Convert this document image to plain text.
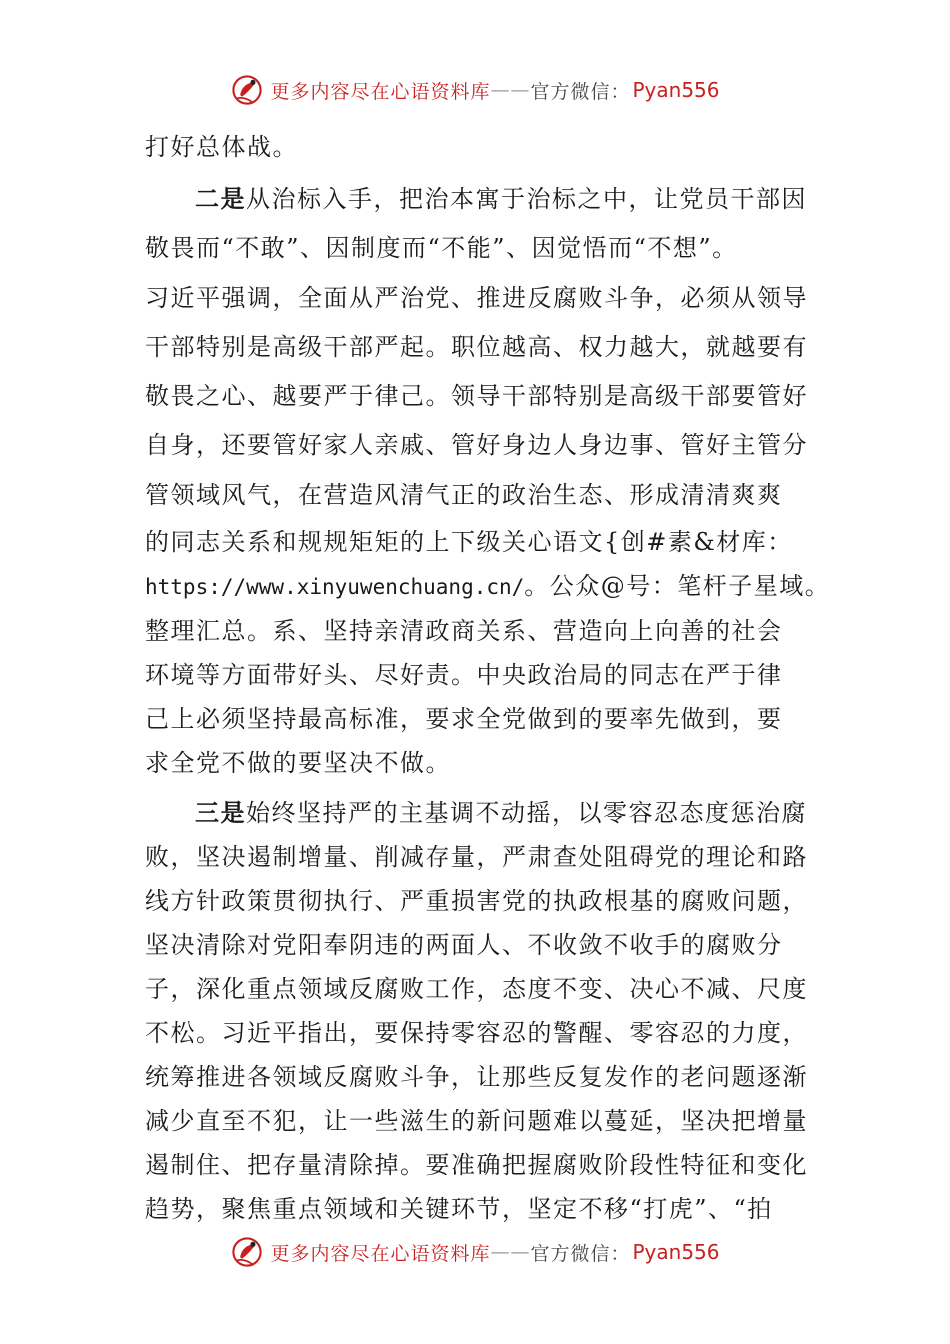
更多内容尽在心语资料库 —— 官方微信： Pyan556

打好总体战。

二是从治标入手，把治本寓于治标之中，让党员干部因
敬畏而“不敢”、因制度而“不能”、因觉悟而“不想”。
习近平强调，全面从严治党、推进反腐败斗争，必须从领导
干部特别是高级干部严起。职位越高、权力越大，就越要有
敬畏之心、越要严于律己。领导干部特别是高级干部要管好
自身，还要管好家人亲戚、管好身边人身边事、管好主管分
管领域风气，在营造风清气正的政治生态、形成清清爽爽
的同志关系和规规矩矩的上下级关心语文{创#素&材库：
https://www.xinyuwenchuang.cn/。公众@号：笔杆子星域。
整理汇总。系、坚持亲清政商关系、营造向上向善的社会
环境等方面带好头、尽好责。中央政治局的同志在严于律
己上必须坚持最高标准，要求全党做到的要率先做到，要
求全党不做的要坚决不做。

三是始终坚持严的主基调不动摇，以零容忍态度惩治腐
败，坚决遏制增量、削减存量，严肃查处阻碍党的理论和路
线方针政策贯彻执行、严重损害党的执政根基的腐败问题，
坚决清除对党阳奉阴违的两面人、不收敛不收手的腐败分
子，深化重点领域反腐败工作，态度不变、决心不减、尺度
不松。习近平指出，要保持零容忍的警醒、零容忍的力度，
统筹推进各领域反腐败斗争，让那些反复发作的老问题逐渐
减少直至不犯，让一些滋生的新问题难以蔓延，坚决把增量
遏制住、把存量清除掉。要准确把握腐败阶段性特征和变化
趋势，聚焦重点领域和关键环节，坚定不移“打虎”、“拍

更多内容尽在心语资料库 —— 官方微信： Pyan556
